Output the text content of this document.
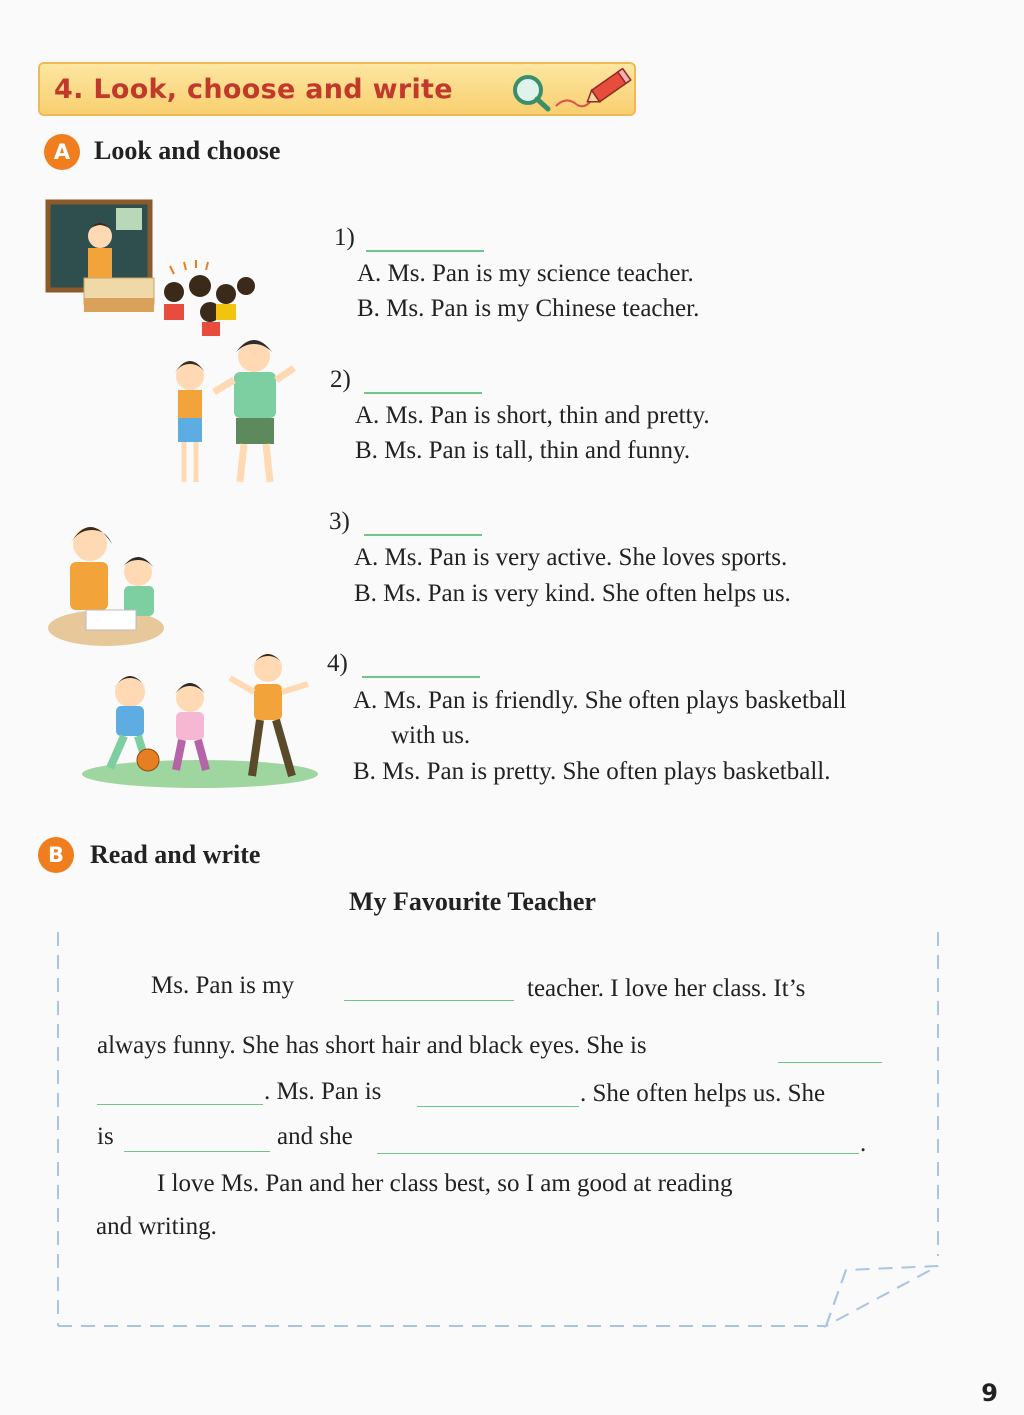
4. Look, choose and write
A Look and choose
1)
A. Ms. Pan is my science teacher.
B. Ms. Pan is my Chinese teacher.
2)
A. Ms. Pan is short, thin and pretty.
B. Ms. Pan is tall, thin and funny.
3)
A. Ms. Pan is very active. She loves sports.
B. Ms. Pan is very kind. She often helps us.
4)
A. Ms. Pan is friendly. She often plays basketball
with us.
B. Ms. Pan is pretty. She often plays basketball.
B	Read and write
My Favourite Teacher
Ms. Pan is my	teacher. I love her class. It’s
always funny. She has short hair and black eyes. She is
. Ms. Pan is	. She often helps us. She
is	and she	.
I love Ms. Pan and her class best, so I am good at reading
and writing.
9
